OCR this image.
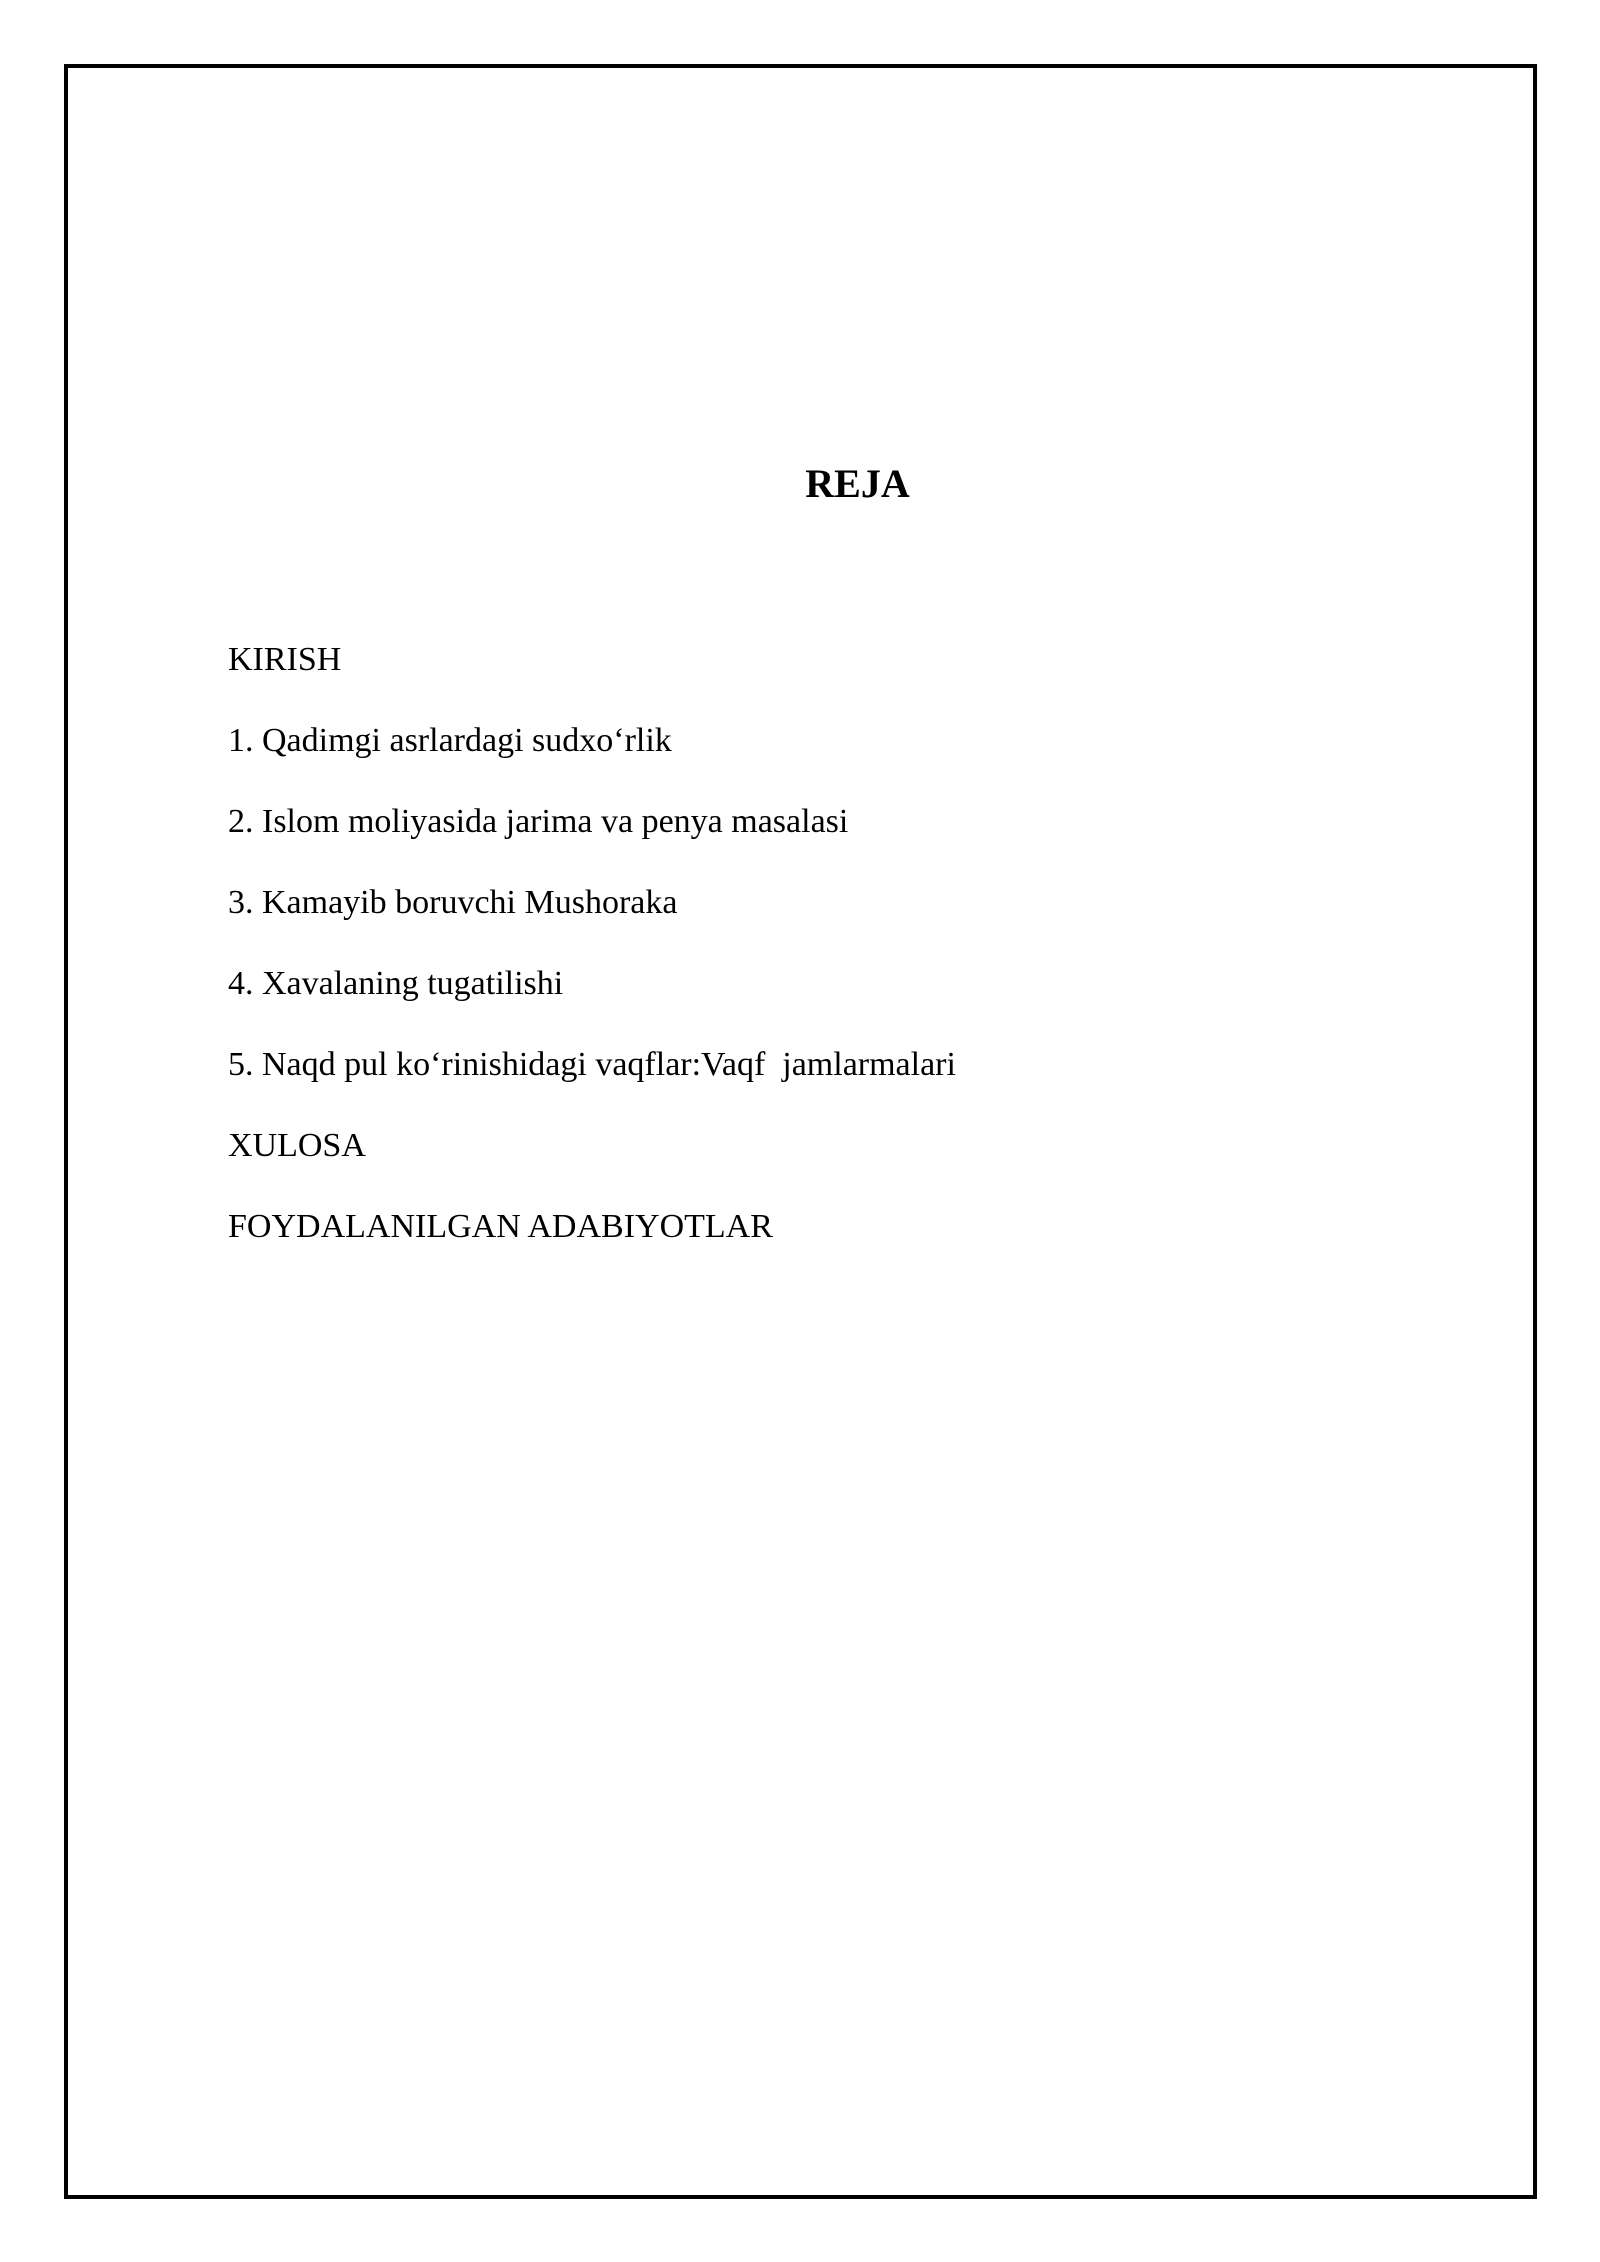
REJA
KIRISH
1. Qadimgi asrlardagi sudxo‘rlik
2. Islom moliyasida jarima va penya masalasi
3. Kamayib boruvchi Mushoraka
4. Xavalaning tugatilishi
5. Naqd pul ko‘rinishidagi vaqflar:Vaqf  jamlarmalari
XULOSA
FOYDALANILGAN ADABIYOTLAR
